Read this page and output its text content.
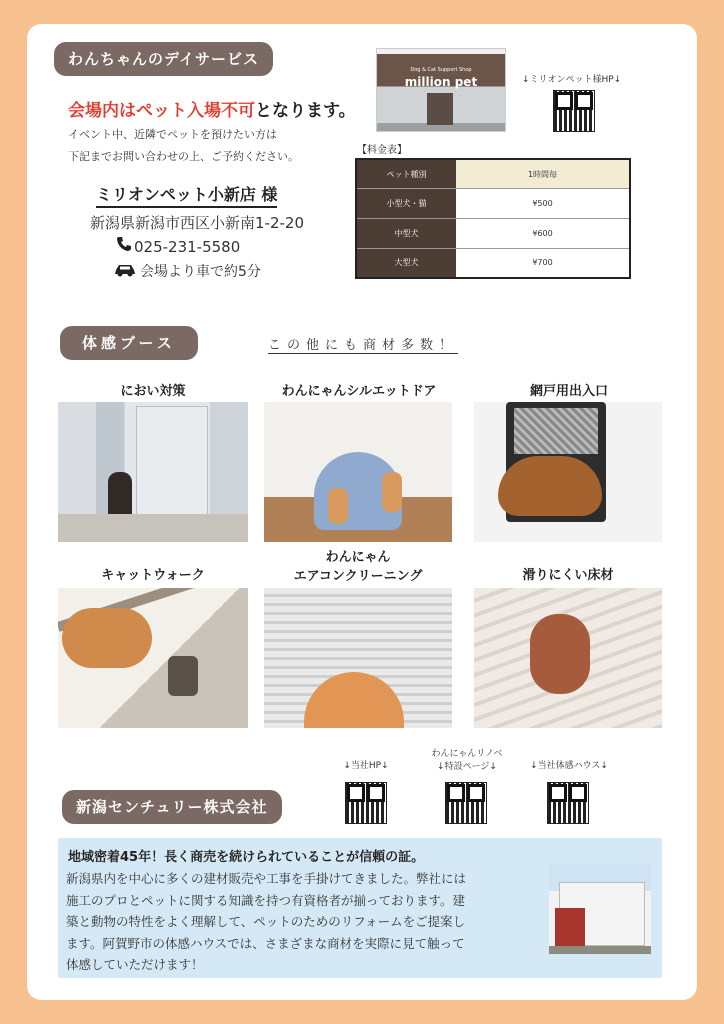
わんちゃんのデイサービス
会場内はペット入場不可となります。
イベント中、近隣でペットを預けたい方は
下記までお問い合わせの上、ご予約ください。
ミリオンペット小新店 様
新潟県新潟市西区小新南1-2-20
025-231-5580
会場より車で約5分
Dog & Cat Support Shop
million pet	↓ミリオンペット様HP↓
【料金表】
ペット種別	1時間毎
小型犬・猫	¥500
中型犬	¥600
大型犬	¥700
体感ブース	この他にも商材多数！
におい対策	わんにゃんシルエットドア	網戸用出入口
キャットウォーク
わんにゃん
エアコンクリーニング	滑りにくい床材
↓当社HP↓
わんにゃんリノベ
↓特設ページ↓	↓当社体感ハウス↓
新潟センチュリー株式会社
地域密着45年！長く商売を続けられていることが信頼の証。
新潟県内を中心に多くの建材販売や工事を手掛けてきました。弊社には
施工のプロとペットに関する知識を持つ有資格者が揃っております。建
築と動物の特性をよく理解して、ペットのためのリフォームをご提案し
ます。阿賀野市の体感ハウスでは、さまざまな商材を実際に見て触って
体感していただけます！
